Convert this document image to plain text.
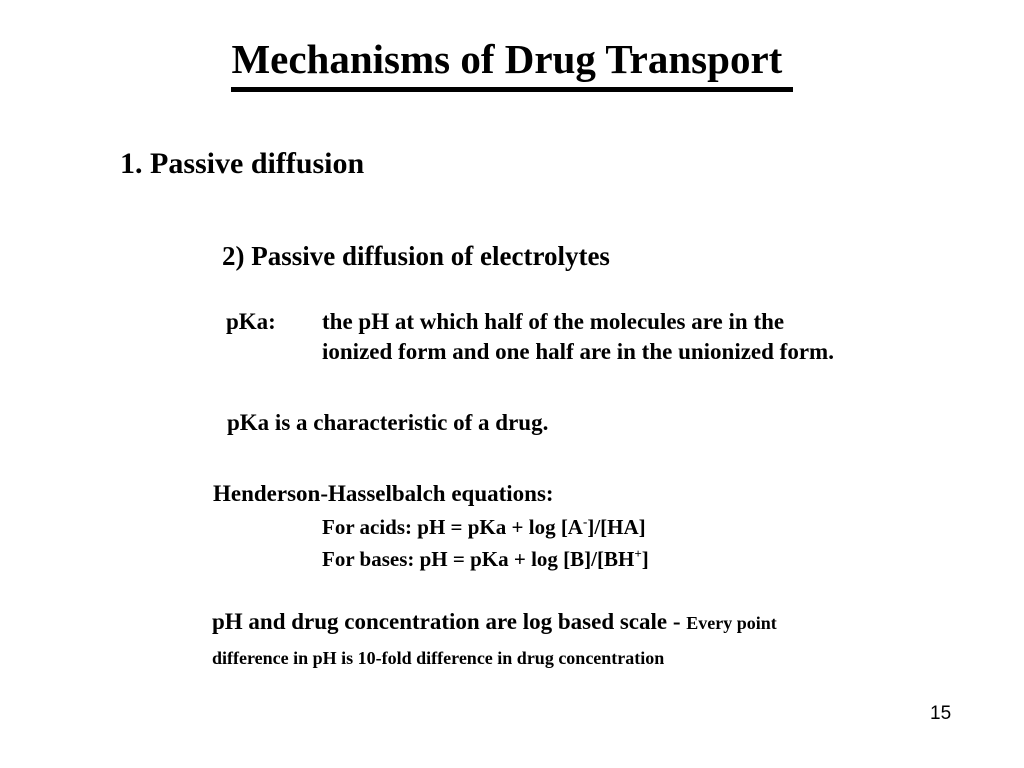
Mechanisms of Drug Transport
1. Passive diffusion
2) Passive diffusion of electrolytes
pKa:	the pH at which half of the molecules are in the
ionized form and one half are in the unionized form.
pKa is a characteristic of a drug.
Henderson-Hasselbalch equations:
For acids: pH = pKa + log [A-]/[HA]
For bases: pH = pKa + log [B]/[BH+]
pH and drug concentration are log based scale - Every point
difference in pH is 10-fold difference in drug concentration
15
